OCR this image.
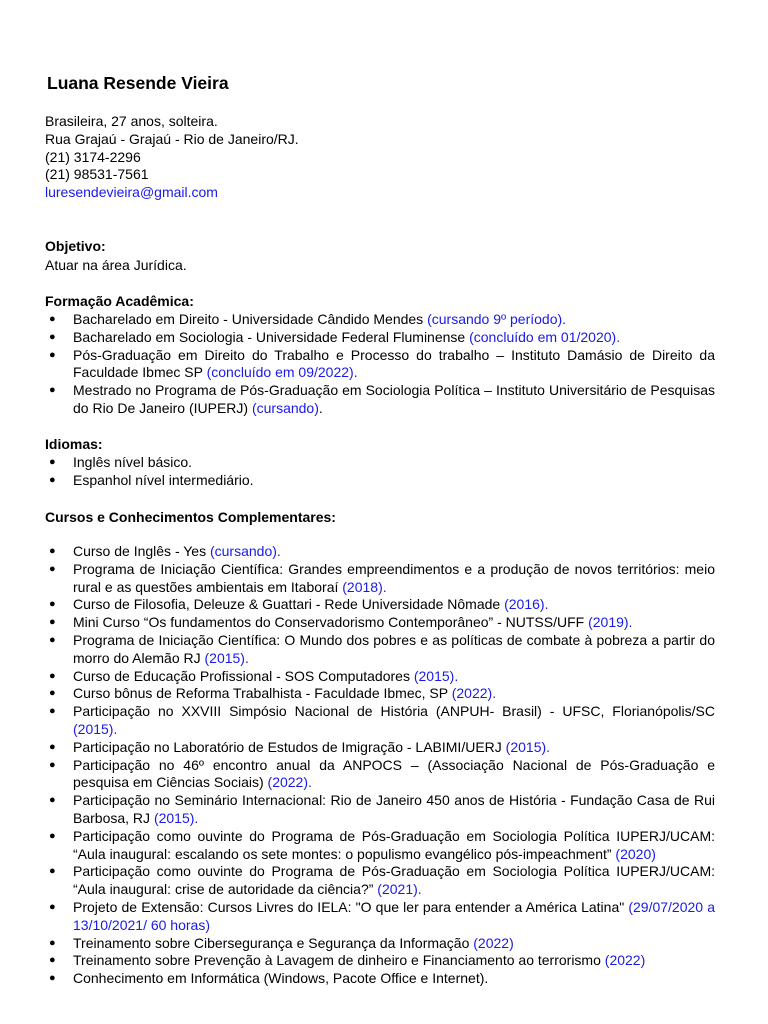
Luana Resende Vieira
Brasileira, 27 anos, solteira.
Rua Grajaú - Grajaú - Rio de Janeiro/RJ.
(21) 3174-2296
(21) 98531-7561
luresendevieira@gmail.com
Objetivo:
Atuar na área Jurídica.
Formação Acadêmica:
● Bacharelado em Direito - Universidade Cândido Mendes (cursando 9º período).
● Bacharelado em Sociologia - Universidade Federal Fluminense (concluído em 01/2020).
● Pós-Graduação em Direito do Trabalho e Processo do trabalho – Instituto Damásio de Direito da Faculdade Ibmec SP (concluído em 09/2022).
● Mestrado no Programa de Pós-Graduação em Sociologia Política – Instituto Universitário de Pesquisas do Rio De Janeiro (IUPERJ) (cursando).
Idiomas:
● Inglês nível básico.
● Espanhol nível intermediário.
Cursos e Conhecimentos Complementares:
● Curso de Inglês - Yes (cursando).
● Programa de Iniciação Científica: Grandes empreendimentos e a produção de novos territórios: meio rural e as questões ambientais em Itaboraí (2018).
● Curso de Filosofia, Deleuze & Guattari - Rede Universidade Nômade (2016).
● Mini Curso “Os fundamentos do Conservadorismo Contemporâneo” - NUTSS/UFF (2019).
● Programa de Iniciação Científica: O Mundo dos pobres e as políticas de combate à pobreza a partir do morro do Alemão RJ (2015).
● Curso de Educação Profissional - SOS Computadores (2015).
● Curso bônus de Reforma Trabalhista - Faculdade Ibmec, SP (2022).
● Participação no XXVIII Simpósio Nacional de História (ANPUH- Brasil) - UFSC, Florianópolis/SC (2015).
● Participação no Laboratório de Estudos de Imigração - LABIMI/UERJ (2015).
● Participação no 46º encontro anual da ANPOCS – (Associação Nacional de Pós-Graduação e pesquisa em Ciências Sociais) (2022).
● Participação no Seminário Internacional: Rio de Janeiro 450 anos de História - Fundação Casa de Rui Barbosa, RJ (2015).
● Participação como ouvinte do Programa de Pós-Graduação em Sociologia Política IUPERJ/UCAM: “Aula inaugural: escalando os sete montes: o populismo evangélico pós-impeachment” (2020)
● Participação como ouvinte do Programa de Pós-Graduação em Sociologia Política IUPERJ/UCAM: “Aula inaugural: crise de autoridade da ciência?” (2021).
● Projeto de Extensão: Cursos Livres do IELA: "O que ler para entender a América Latina" (29/07/2020 a 13/10/2021/ 60 horas)
● Treinamento sobre Cibersegurança e Segurança da Informação (2022)
● Treinamento sobre Prevenção à Lavagem de dinheiro e Financiamento ao terrorismo (2022)
● Conhecimento em Informática (Windows, Pacote Office e Internet).
